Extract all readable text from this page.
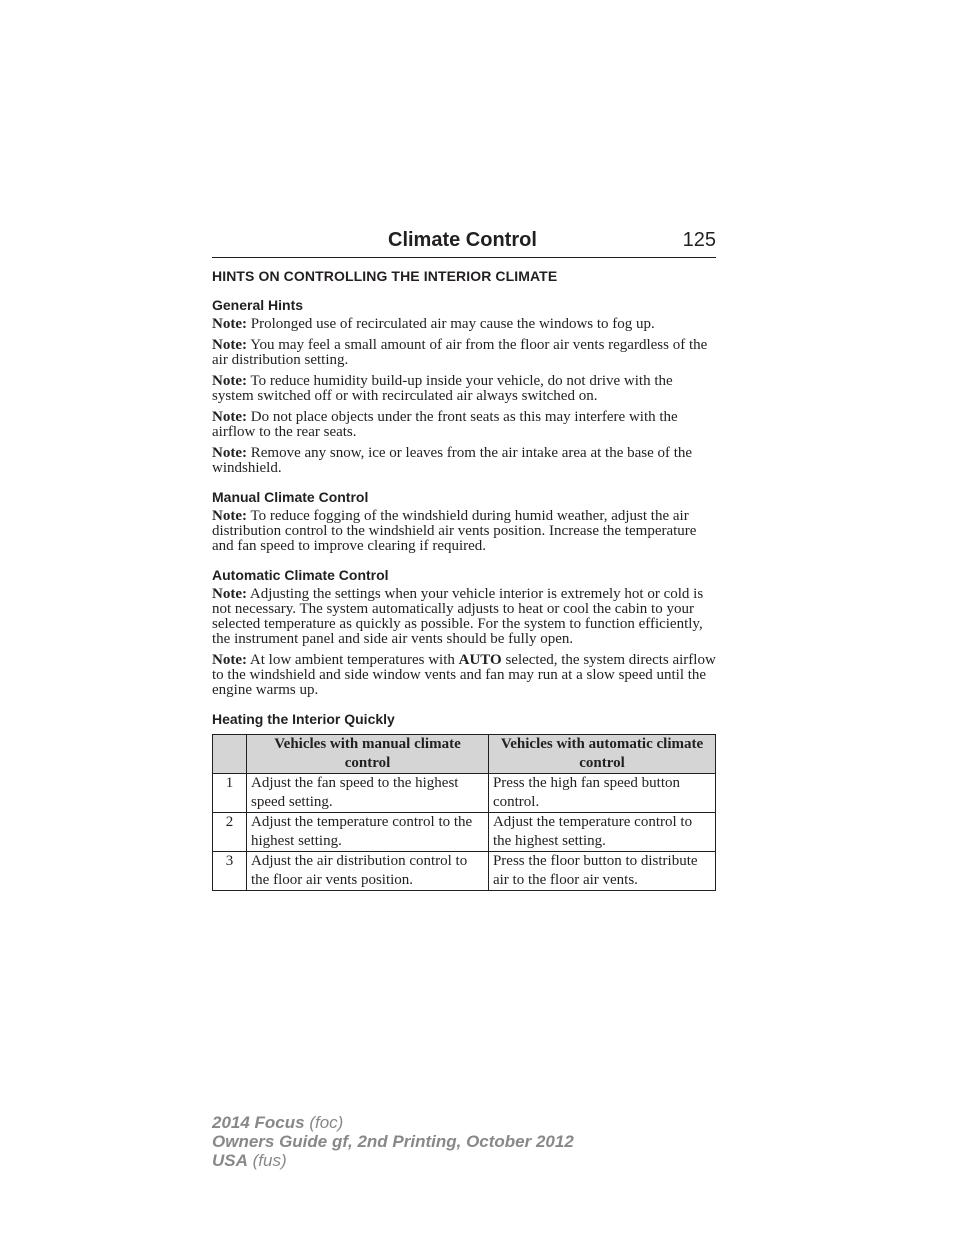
Climate Control	125
HINTS ON CONTROLLING THE INTERIOR CLIMATE
General Hints

Note: Prolonged use of recirculated air may cause the windows to fog up.

Note: You may feel a small amount of air from the floor air vents regardless of the air distribution setting.

Note: To reduce humidity build-up inside your vehicle, do not drive with the system switched off or with recirculated air always switched on.

Note: Do not place objects under the front seats as this may interfere with the airflow to the rear seats.

Note: Remove any snow, ice or leaves from the air intake area at the base of the windshield.

Manual Climate Control

Note: To reduce fogging of the windshield during humid weather, adjust the air distribution control to the windshield air vents position. Increase the temperature and fan speed to improve clearing if required.

Automatic Climate Control

Note: Adjusting the settings when your vehicle interior is extremely hot or cold is not necessary. The system automatically adjusts to heat or cool the cabin to your selected temperature as quickly as possible. For the system to function efficiently, the instrument panel and side air vents should be fully open.

Note: At low ambient temperatures with AUTO selected, the system directs airflow to the windshield and side window vents and fan may run at a slow speed until the engine warms up.

Heating the Interior Quickly
	Vehicles with manual climate control	Vehicles with automatic climate control
1	Adjust the fan speed to the highest speed setting.	Press the high fan speed button control.
2	Adjust the temperature control to the highest setting.	Adjust the temperature control to the highest setting.
3	Adjust the air distribution control to the floor air vents position.	Press the floor button to distribute air to the floor air vents.
2014 Focus (foc)
Owners Guide gf, 2nd Printing, October 2012
USA (fus)
